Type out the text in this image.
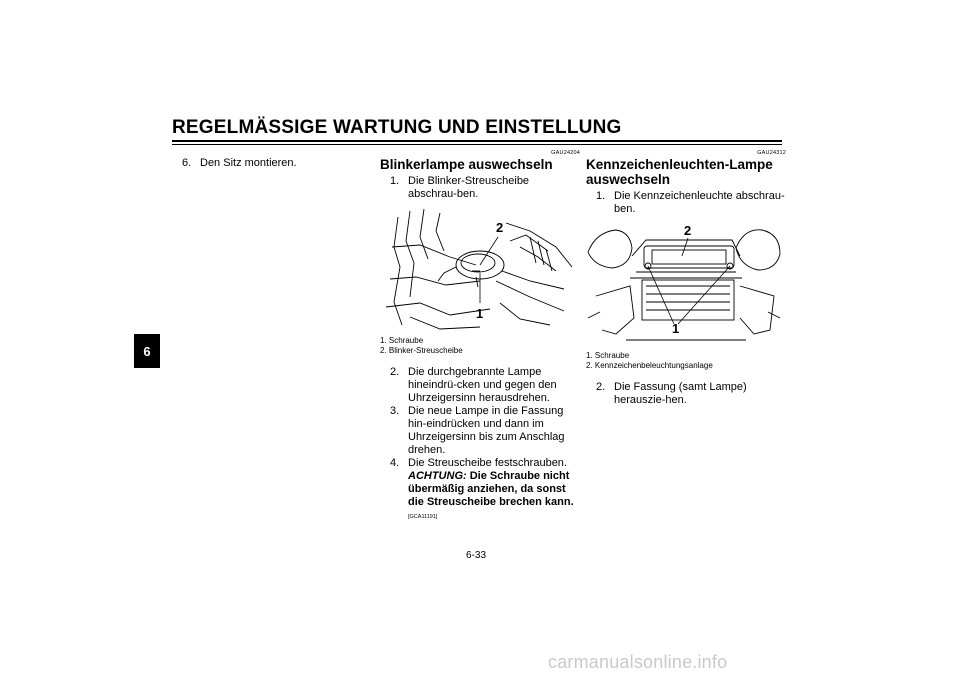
REGELMÄSSIGE WARTUNG UND EINSTELLUNG
6
6. Den Sitz montieren.
GAU24204
Blinkerlampe auswechseln
1. Die Blinker-Streuscheibe abschrau-ben.
2
1
1. Schraube
2. Blinker-Streuscheibe
2. Die durchgebrannte Lampe hineindrü-cken und gegen den Uhrzeigersinn herausdrehen.
3. Die neue Lampe in die Fassung hin-eindrücken und dann im Uhrzeigersinn bis zum Anschlag drehen.
4. Die Streuscheibe festschrauben.
ACHTUNG: Die Schraube nicht übermäßig anziehen, da sonst die Streuscheibe brechen kann. [GCA11191]
GAU24312
Kennzeichenleuchten-Lampe auswechseln
1. Die Kennzeichenleuchte abschrau-ben.
2
1
1. Schraube
2. Kennzeichenbeleuchtungsanlage
2. Die Fassung (samt Lampe) herauszie-hen.
6-33
carmanualsonline.info
